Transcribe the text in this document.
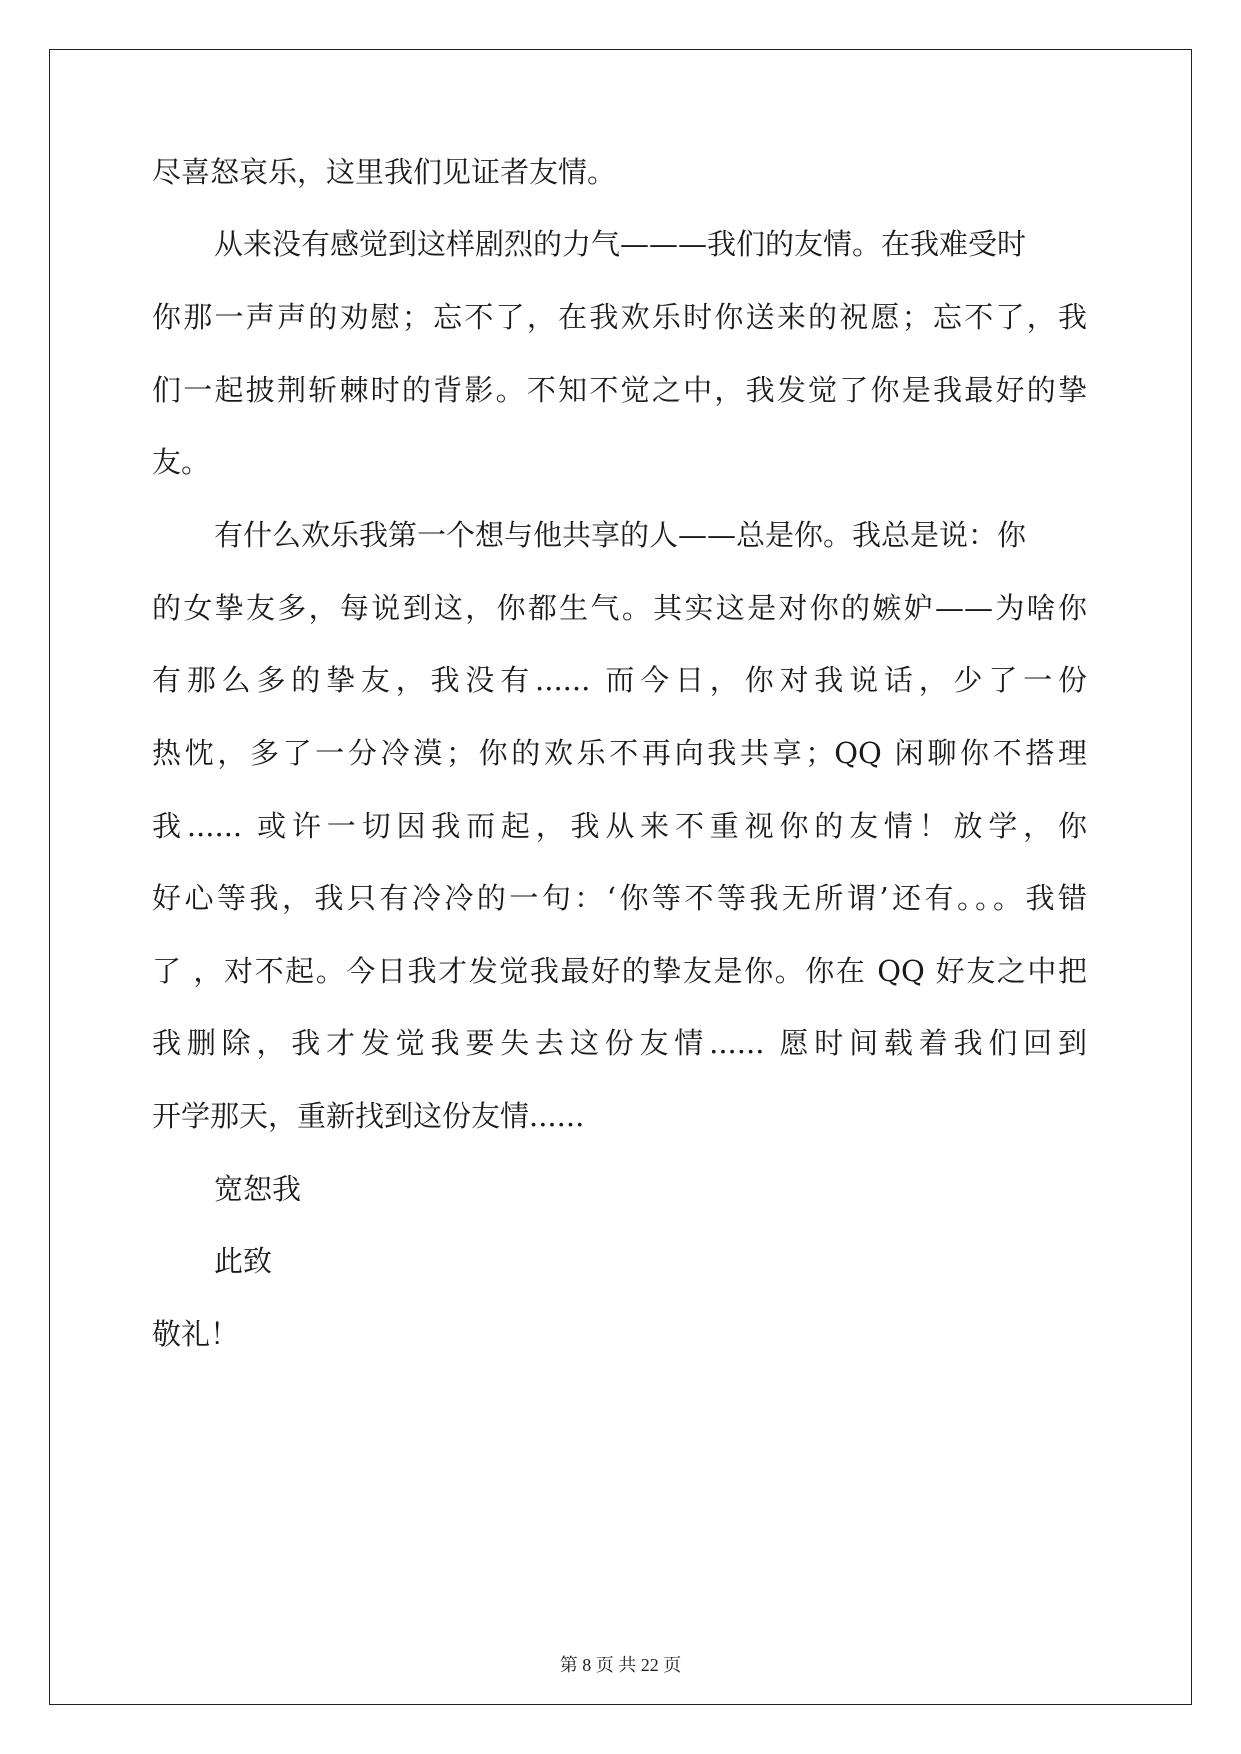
尽喜怒哀乐，这里我们见证者友情。
从来没有感觉到这样剧烈的力气———我们的友情。在我难受时
你那一声声的劝慰；忘不了，在我欢乐时你送来的祝愿；忘不了，我
们一起披荆斩棘时的背影。不知不觉之中，我发觉了你是我最好的挚
友。
有什么欢乐我第一个想与他共享的人——总是你。我总是说：你
的女挚友多，每说到这，你都生气。其实这是对你的嫉妒——为啥你
有那么多的挚友，我没有...... 而今日，你对我说话，少了一份
热忱，多了一分冷漠；你的欢乐不再向我共享；QQ 闲聊你不搭理
我...... 或许一切因我而起，我从来不重视你的友情！放学，你
好心等我，我只有冷冷的一句：‘你等不等我无所谓’还有。。。我错
了 ，对不起。今日我才发觉我最好的挚友是你。你在 QQ 好友之中把
我删除，我才发觉我要失去这份友情...... 愿时间载着我们回到
开学那天，重新找到这份友情......
宽恕我
此致
敬礼！
第 8 页 共 22 页
